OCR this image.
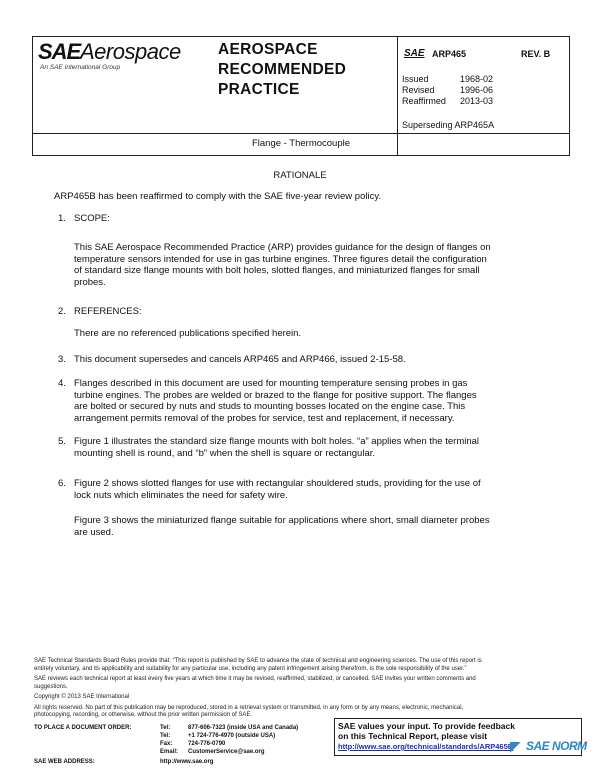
SAE Aerospace
An SAE International Group
AEROSPACE
RECOMMENDED
PRACTICE
SAE ARP465	REV. B
Issued	1968-02
Revised	1996-06
Reaffirmed 2013-03
Superseding ARP465A
Flange - Thermocouple
RATIONALE
ARP465B has been reaffirmed to comply with the SAE five-year review policy.
1. SCOPE:
This SAE Aerospace Recommended Practice (ARP) provides guidance for the design of flanges on
temperature sensors intended for use in gas turbine engines. Three figures detail the configuration
of standard size flange mounts with bolt holes, slotted flanges, and miniaturized flanges for small
probes.
2. REFERENCES:
There are no referenced publications specified herein.
3. This document supersedes and cancels ARP465 and ARP466, issued 2-15-58.
4. Flanges described in this document are used for mounting temperature sensing probes in gas
turbine engines. The probes are welded or brazed to the flange for positive support. The flanges
are bolted or secured by nuts and studs to mounting bosses located on the engine case. This
arrangement permits removal of the probes for service, test and replacement, if necessary.
5. Figure 1 illustrates the standard size flange mounts with bolt holes. “a” applies when the terminal
mounting shell is round, and “b” when the shell is square or rectangular.
6. Figure 2 shows slotted flanges for use with rectangular shouldered studs, providing for the use of
lock nuts which eliminates the need for safety wire.
Figure 3 shows the miniaturized flange suitable for applications where short, small diameter probes
are used.
SAE Technical Standards Board Rules provide that: “This report is published by SAE to advance the state of technical and engineering sciences. The use of this report is
entirely voluntary, and its applicability and suitability for any particular use, including any patent infringement arising therefrom, is the sole responsibility of the user.”
SAE reviews each technical report at least every five years at which time it may be revised, reaffirmed, stabilized, or cancelled. SAE invites your written comments and
suggestions.
Copyright © 2013 SAE International
All rights reserved. No part of this publication may be reproduced, stored in a retrieval system or transmitted, in any form or by any means, electronic, mechanical,
photocopying, recording, or otherwise, without the prior written permission of SAE.
TO PLACE A DOCUMENT ORDER:	Tel:	877-606-7323 (inside USA and Canada)
Tel:	+1 724-776-4970 (outside USA)
Fax:	724-776-0790
Email: CustomerService@sae.org
SAE WEB ADDRESS:	http://www.sae.org
SAE values your input. To provide feedback
on this Technical Report, please visit
http://www.sae.org/technical/standards/ARP465B
◤ SAE NORM
